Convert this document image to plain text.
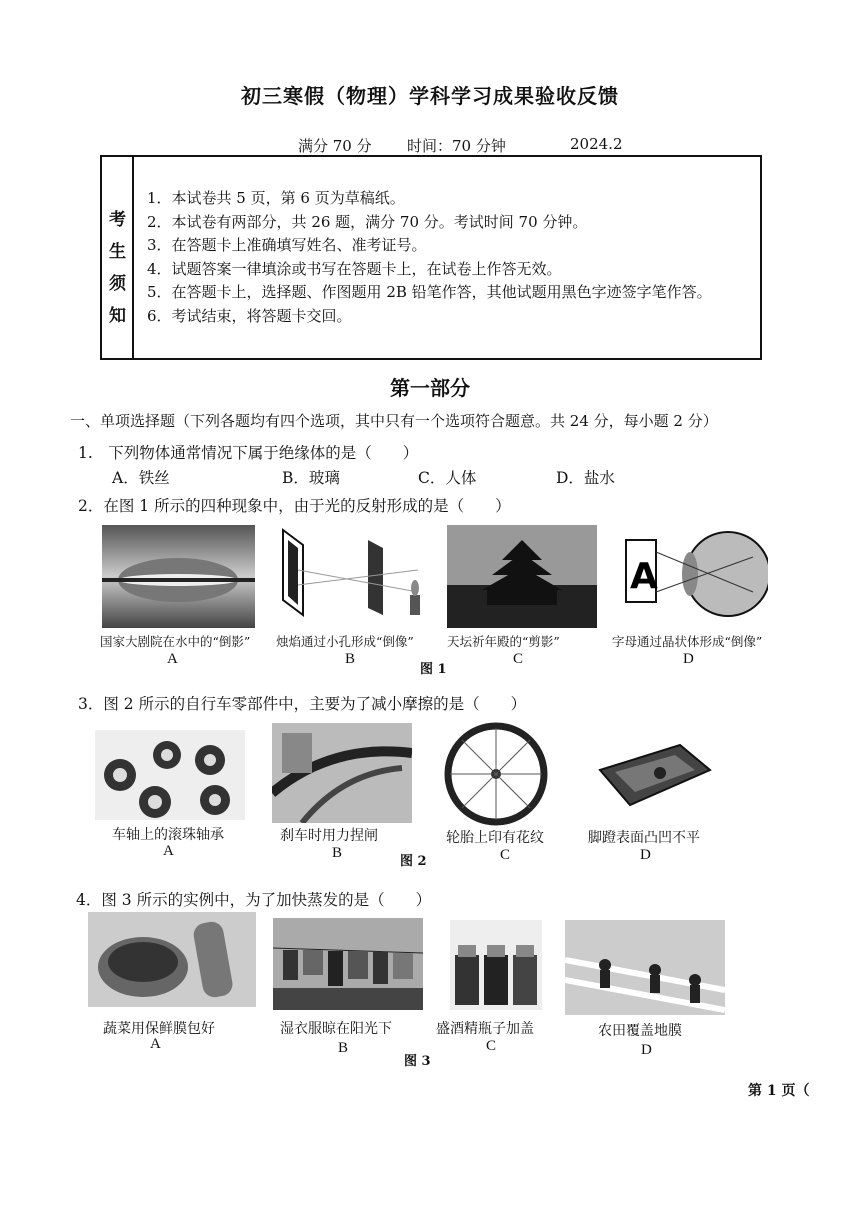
初三寒假（物理）学科学习成果验收反馈
满分 70 分 时间：70 分钟	2024.2
考
生
须
知
1．本试卷共 5 页，第 6 页为草稿纸。
2．本试卷有两部分，共 26 题，满分 70 分。考试时间 70 分钟。
3．在答题卡上准确填写姓名、准考证号。
4．试题答案一律填涂或书写在答题卡上，在试卷上作答无效。
5．在答题卡上，选择题、作图题用 2B 铅笔作答，其他试题用黑色字迹签字笔作答。
6．考试结束，将答题卡交回。
第一部分
一、单项选择题（下列各题均有四个选项，其中只有一个选项符合题意。共 24 分，每小题 2 分）
1.　下列物体通常情况下属于绝缘体的是（　　）
A．铁丝	B．玻璃	C．人体	D．盐水
2．在图 1 所示的四种现象中，由于光的反射形成的是（　　）
A
国家大剧院在水中的“倒影” 烛焰通过小孔形成“倒像”	天坛祈年殿的“剪影”	字母通过晶状体形成“倒像”
A	B	C	D
图 1
3．图 2 所示的自行车零部件中，主要为了减小摩擦的是（　　）
车轴上的滚珠轴承	刹车时用力捏闸	轮胎上印有花纹	脚蹬表面凸凹不平
A	B	C	D
图 2
4．图 3 所示的实例中，为了加快蒸发的是（　　）
蔬菜用保鲜膜包好	湿衣服晾在阳光下	盛酒精瓶子加盖	农田覆盖地膜
A	B	C	D
图 3
第 1 页（
